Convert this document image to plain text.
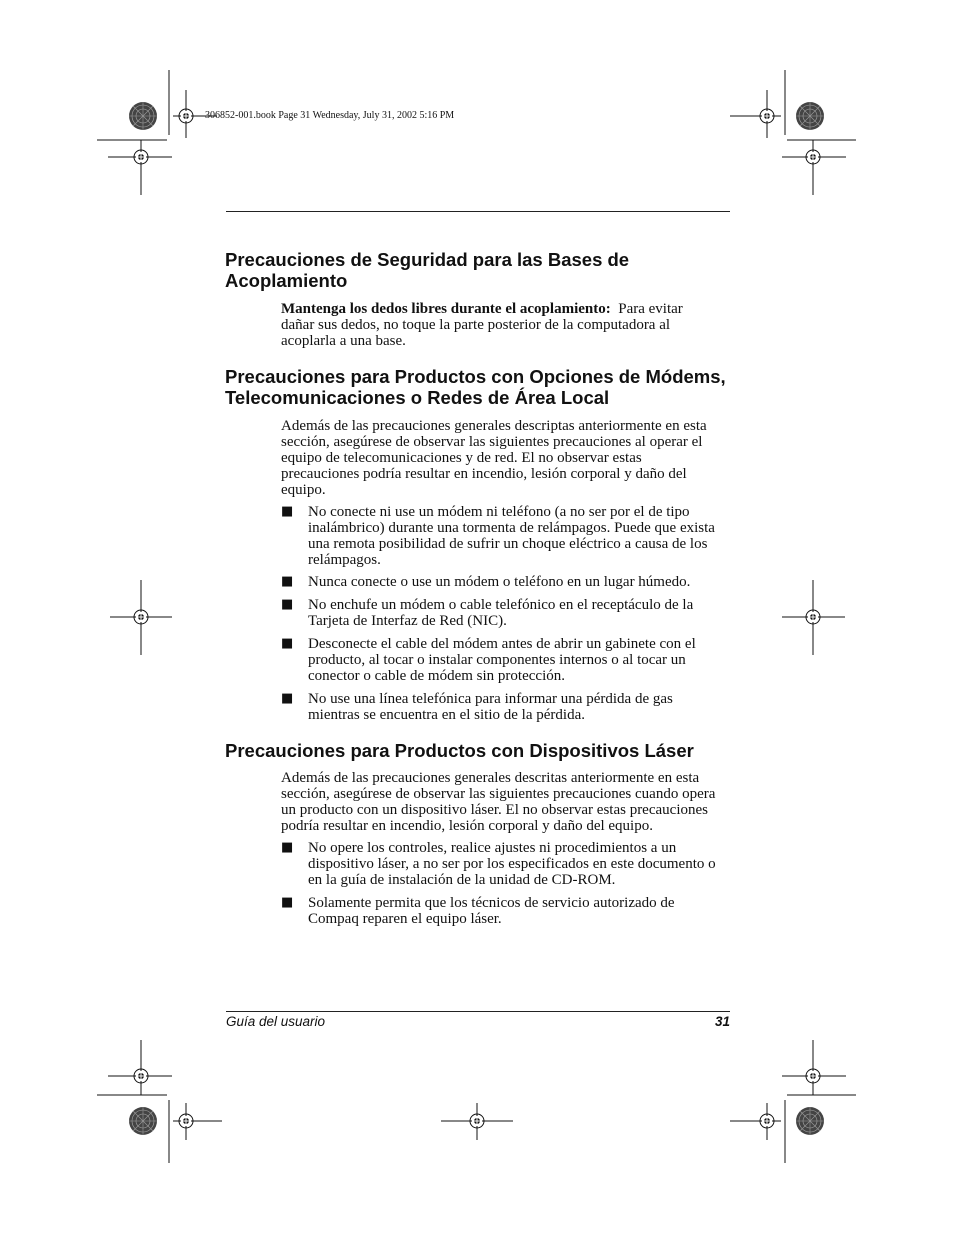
306852-001.book Page 31 Wednesday, July 31, 2002 5:16 PM
Precauciones de Seguridad para las Bases de
Acoplamiento
Mantenga los dedos libres durante el acoplamiento: Para evitar
dañar sus dedos, no toque la parte posterior de la computadora al
acoplarla a una base.
Precauciones para Productos con Opciones de Módems,
Telecomunicaciones o Redes de Área Local
Además de las precauciones generales descriptas anteriormente en esta
sección, asegúrese de observar las siguientes precauciones al operar el
equipo de telecomunicaciones y de red. El no observar estas
precauciones podría resultar en incendio, lesión corporal y daño del
equipo.
■ No conecte ni use un módem ni teléfono (a no ser por el de tipo
inalámbrico) durante una tormenta de relámpagos. Puede que exista
una remota posibilidad de sufrir un choque eléctrico a causa de los
relámpagos.
■ Nunca conecte o use un módem o teléfono en un lugar húmedo.
■ No enchufe un módem o cable telefónico en el receptáculo de la
Tarjeta de Interfaz de Red (NIC).
■ Desconecte el cable del módem antes de abrir un gabinete con el
producto, al tocar o instalar componentes internos o al tocar un
conector o cable de módem sin protección.
■ No use una línea telefónica para informar una pérdida de gas
mientras se encuentra en el sitio de la pérdida.
Precauciones para Productos con Dispositivos Láser
Además de las precauciones generales descritas anteriormente en esta
sección, asegúrese de observar las siguientes precauciones cuando opera
un producto con un dispositivo láser. El no observar estas precauciones
podría resultar en incendio, lesión corporal y daño del equipo.
■ No opere los controles, realice ajustes ni procedimientos a un
dispositivo láser, a no ser por los especificados en este documento o
en la guía de instalación de la unidad de CD-ROM.
■ Solamente permita que los técnicos de servicio autorizado de
Compaq reparen el equipo láser.
Guía del usuario	31
